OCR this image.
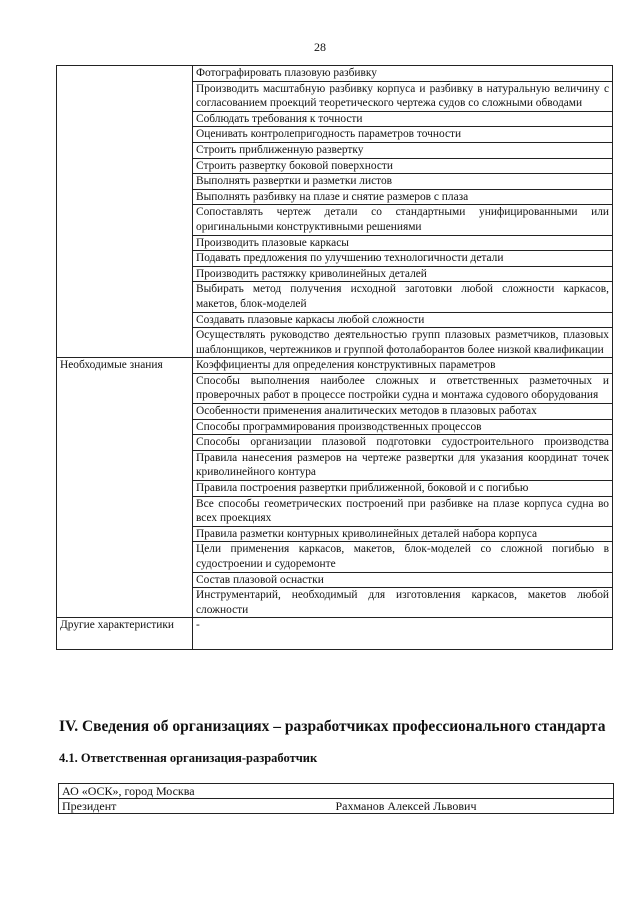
28
	Фотографировать плазовую разбивку
	Производить масштабную разбивку корпуса и разбивку в натуральную величину с согласованием проекций теоретического чертежа судов со сложными обводами
	Соблюдать требования к точности
	Оценивать контролепригодность параметров точности
	Строить приближенную развертку
	Строить развертку боковой поверхности
	Выполнять развертки и разметки листов
	Выполнять разбивку на плазе и снятие размеров с плаза
	Сопоставлять чертеж детали со стандартными унифицированными или оригинальными конструктивными решениями
	Производить плазовые каркасы
	Подавать предложения по улучшению технологичности детали
	Производить растяжку криволинейных деталей
	Выбирать метод получения исходной заготовки любой сложности каркасов, макетов, блок-моделей
	Создавать плазовые каркасы любой сложности
	Осуществлять руководство деятельностью групп плазовых разметчиков, плазовых шаблонщиков, чертежников и группой фотолаборантов более низкой квалификации
Необходимые знания	Коэффициенты для определения конструктивных параметров
	Способы выполнения наиболее сложных и ответственных разметочных и проверочных работ в процессе постройки судна и монтажа судового оборудования
	Особенности применения аналитических методов в плазовых работах
	Способы программирования производственных процессов
	Способы организации плазовой подготовки судостроительного производства
	Правила нанесения размеров на чертеже развертки для указания координат точек криволинейного контура
	Правила построения развертки приближенной, боковой и с погибью
	Все способы геометрических построений при разбивке на плазе корпуса судна во всех проекциях
	Правила разметки контурных криволинейных деталей набора корпуса
	Цели применения каркасов, макетов, блок-моделей со сложной погибью в судостроении и судоремонте
	Состав плазовой оснастки
	Инструментарий, необходимый для изготовления каркасов, макетов любой сложности
Другие характеристики	-
IV. Сведения об организациях – разработчиках профессионального стандарта
4.1. Ответственная организация-разработчик
АО «ОСК», город Москва
Президент	Рахманов Алексей Львович
